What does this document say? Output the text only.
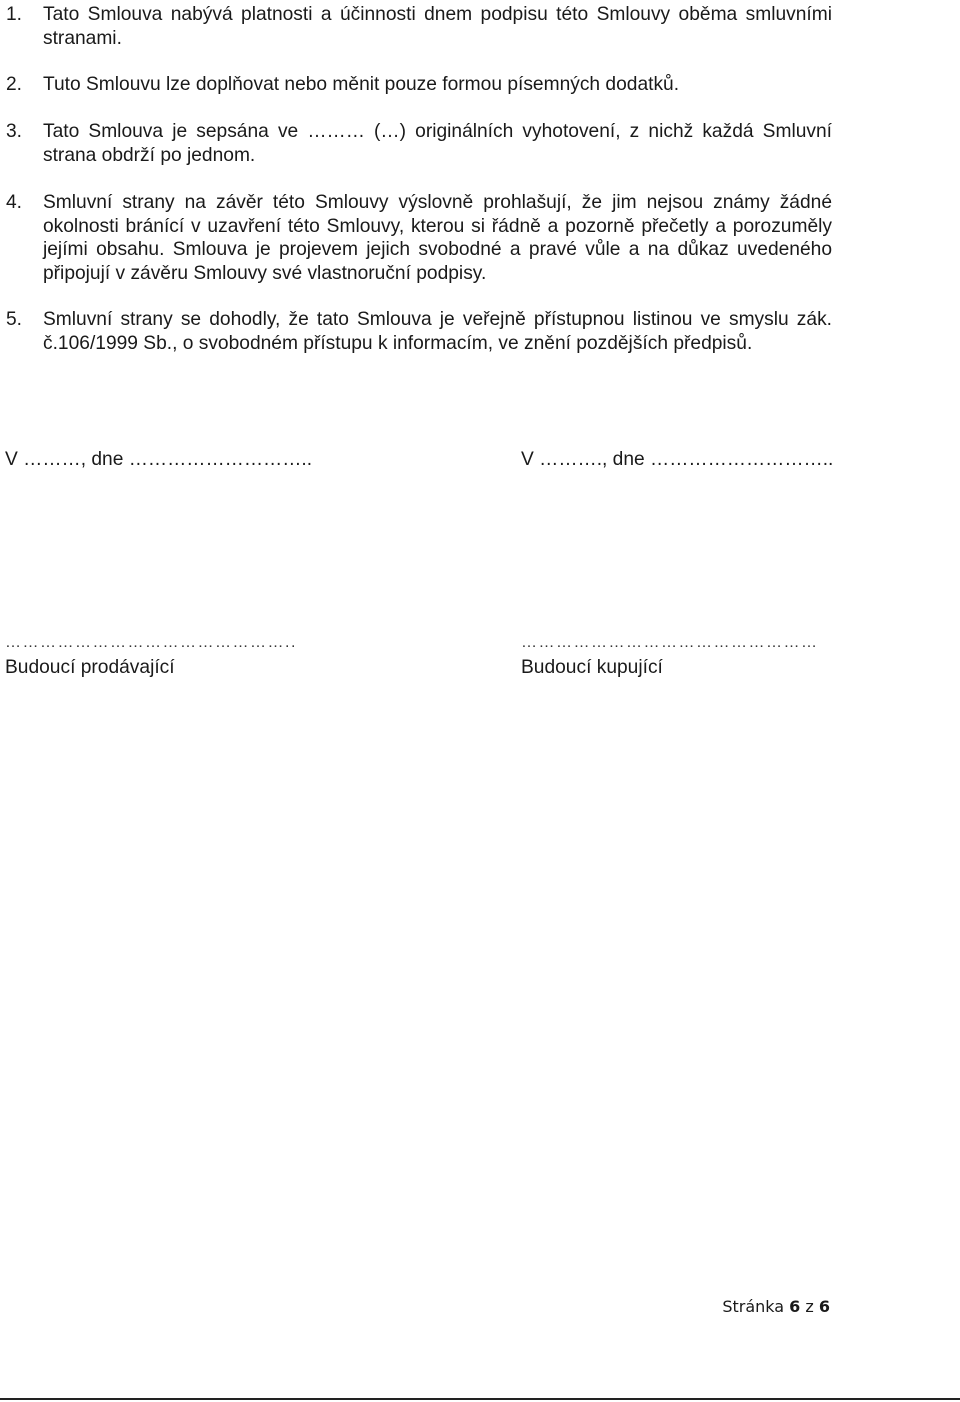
1. Tato Smlouva nabývá platnosti a účinnosti dnem podpisu této Smlouvy oběma smluvními stranami.
2. Tuto Smlouvu lze doplňovat nebo měnit pouze formou písemných dodatků.
3. Tato Smlouva je sepsána ve ……… (…) originálních vyhotovení, z nichž každá Smluvní strana obdrží po jednom.
4. Smluvní strany na závěr této Smlouvy výslovně prohlašují, že jim nejsou známy žádné okolnosti bránící v uzavření této Smlouvy, kterou si řádně a pozorně přečetly a porozuměly jejími obsahu. Smlouva je projevem jejich svobodné a pravé vůle a na důkaz uvedeného připojují v závěru Smlouvy své vlastnoruční podpisy.
5. Smluvní strany se dohodly, že tato Smlouva je veřejně přístupnou listinou ve smyslu zák. č.106/1999 Sb., o svobodném přístupu k informacím, ve znění pozdějších předpisů.
V ………, dne ………………………..	V ………., dne ………………………..
…………………………………………..	……………………………………………
Budoucí prodávající	Budoucí kupující
Stránka 6 z 6
